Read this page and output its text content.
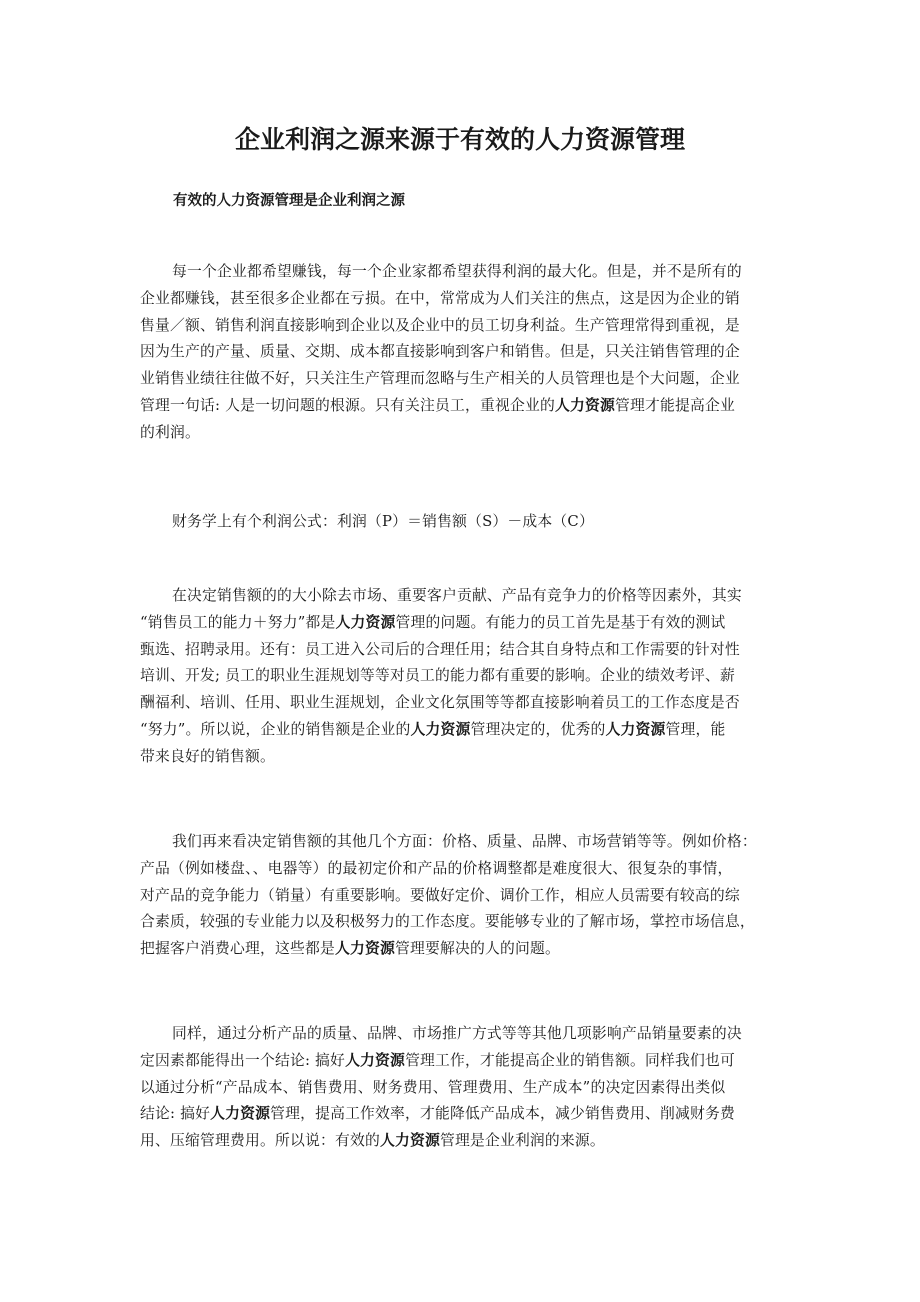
企业利润之源来源于有效的人力资源管理
有效的人力资源管理是企业利润之源

每一个企业都希望赚钱，每一个企业家都希望获得利润的最大化。但是，并不是所有的
企业都赚钱，甚至很多企业都在亏损。在中，常常成为人们关注的焦点，这是因为企业的销
售量／额、销售利润直接影响到企业以及企业中的员工切身利益。生产管理常得到重视，是
因为生产的产量、质量、交期、成本都直接影响到客户和销售。但是，只关注销售管理的企
业销售业绩往往做不好，只关注生产管理而忽略与生产相关的人员管理也是个大问题，企业
管理一句话: 人是一切问题的根源。只有关注员工，重视企业的人力资源管理才能提高企业
的利润。

财务学上有个利润公式：利润（P）＝销售额（S）－成本（C）

在决定销售额的的大小除去市场、重要客户贡献、产品有竞争力的价格等因素外，其实
“销售员工的能力＋努力”都是人力资源管理的问题。有能力的员工首先是基于有效的测试
甄选、招聘录用。还有：员工进入公司后的合理任用；结合其自身特点和工作需要的针对性
培训、开发; 员工的职业生涯规划等等对员工的能力都有重要的影响。企业的绩效考评、薪
酬福利、培训、任用、职业生涯规划，企业文化氛围等等都直接影响着员工的工作态度是否
“努力”。所以说，企业的销售额是企业的人力资源管理决定的，优秀的人力资源管理，能
带来良好的销售额。

我们再来看决定销售额的其他几个方面：价格、质量、品牌、市场营销等等。例如价格：
产品（例如楼盘、、电器等）的最初定价和产品的价格调整都是难度很大、很复杂的事情，
对产品的竞争能力（销量）有重要影响。要做好定价、调价工作，相应人员需要有较高的综
合素质，较强的专业能力以及积极努力的工作态度。要能够专业的了解市场，掌控市场信息，
把握客户消费心理，这些都是人力资源管理要解决的人的问题。

同样，通过分析产品的质量、品牌、市场推广方式等等其他几项影响产品销量要素的决
定因素都能得出一个结论: 搞好人力资源管理工作，才能提高企业的销售额。同样我们也可
以通过分析“产品成本、销售费用、财务费用、管理费用、生产成本”的决定因素得出类似
结论: 搞好人力资源管理，提高工作效率，才能降低产品成本，减少销售费用、削减财务费
用、压缩管理费用。所以说：有效的人力资源管理是企业利润的来源。
